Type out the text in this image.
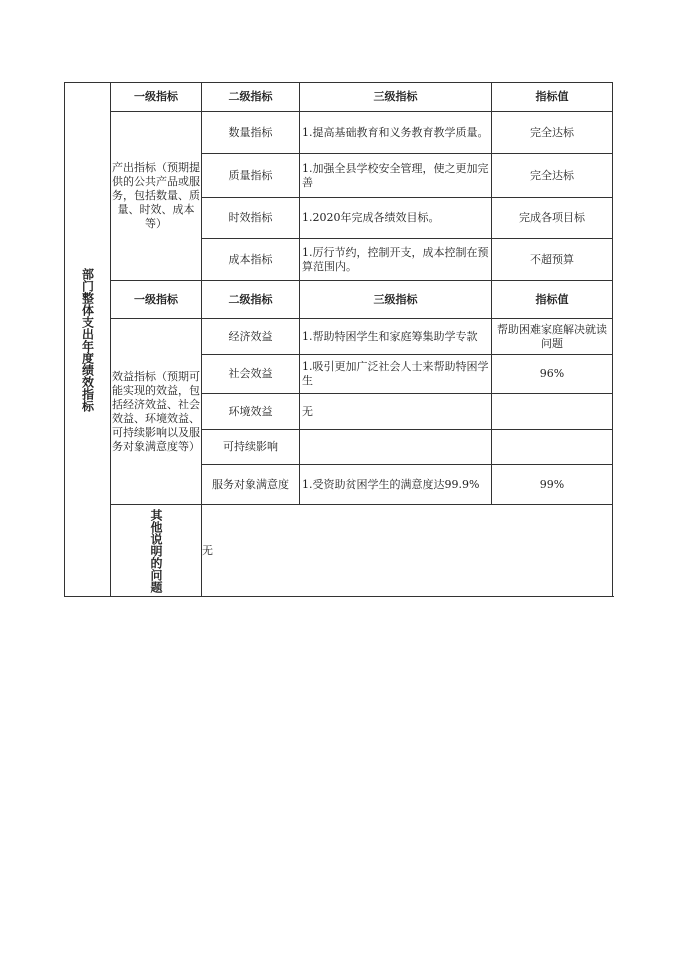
部门整体支出年度绩效指标	一级指标	二级指标	三级指标	指标值
	产出指标（预期提供的公共产品或服务，包括数量、质量、时效、成本等）	数量指标	1.提高基础教育和义务教育教学质量。	完全达标
		质量指标	1.加强全县学校安全管理，使之更加完善	完全达标
		时效指标	1.2020年完成各绩效目标。	完成各项目标
		成本指标	1.厉行节约，控制开支，成本控制在预算范围内。	不超预算
	一级指标	二级指标	三级指标	指标值
	效益指标（预期可能实现的效益，包括经济效益、社会效益、环境效益、可持续影响以及服务对象满意度等）	经济效益	1.帮助特困学生和家庭筹集助学专款	帮助困难家庭解决就读问题
		社会效益	1.吸引更加广泛社会人士来帮助特困学生	96%
		环境效益	无	
		可持续影响		
		服务对象满意度	1.受资助贫困学生的满意度达99.9%	99%

	其他说明的问题	无		
